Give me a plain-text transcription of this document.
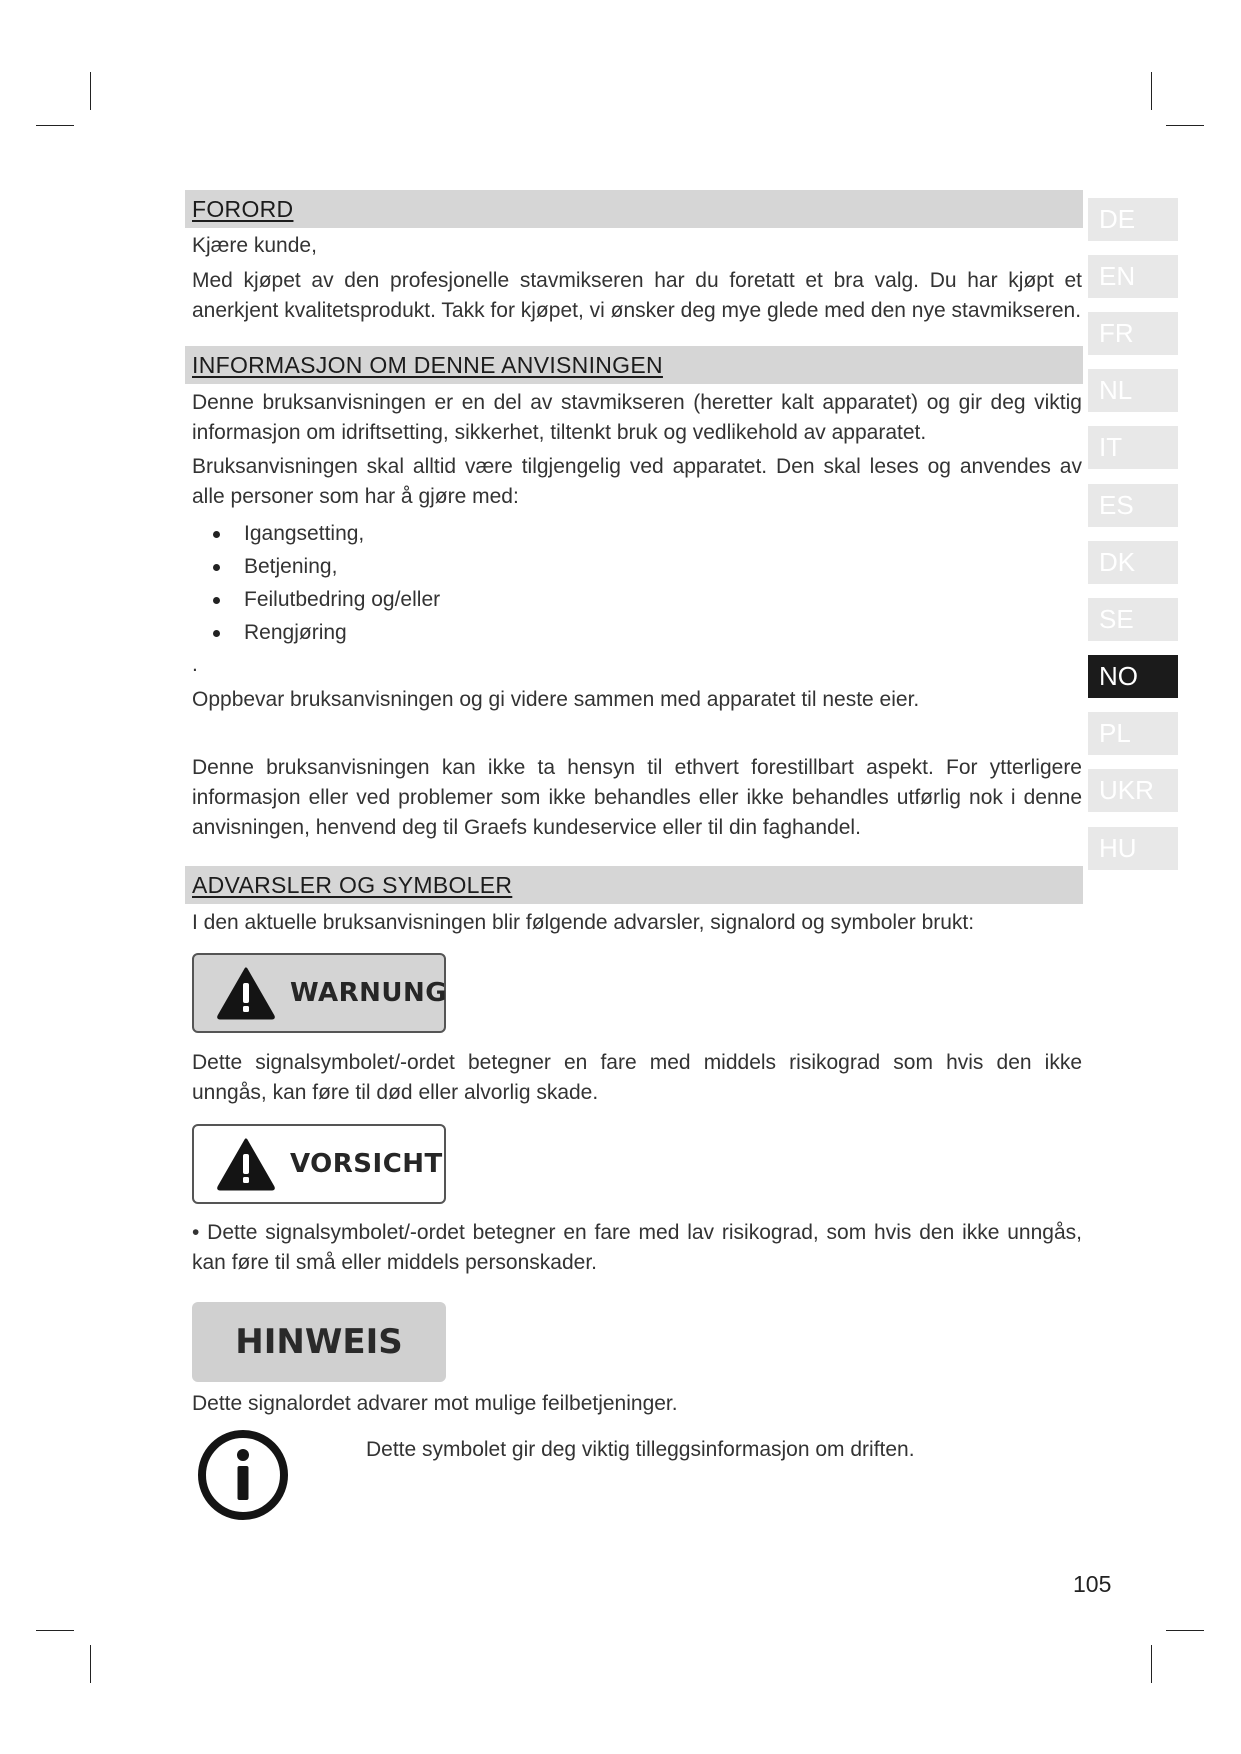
FORORD

Kjære kunde,

Med kjøpet av den profesjonelle stavmikseren har du foretatt et bra valg. Du har kjøpt et anerkjent kvalitetsprodukt. Takk for kjøpet, vi ønsker deg mye glede med den nye stavmikseren.

INFORMASJON OM DENNE ANVISNINGEN

Denne bruksanvisningen er en del av stavmikseren (heretter kalt apparatet) og gir deg viktig informasjon om idriftsetting, sikkerhet, tiltenkt bruk og vedlikehold av apparatet.

Bruksanvisningen skal alltid være tilgjengelig ved apparatet. Den skal leses og anvendes av alle personer som har å gjøre med:

Igangsetting,
Betjening,
Feilutbedring og/eller
Rengjøring

.

Oppbevar bruksanvisningen og gi videre sammen med apparatet til neste eier.

Denne bruksanvisningen kan ikke ta hensyn til ethvert forestillbart aspekt. For ytterligere informasjon eller ved problemer som ikke behandles eller ikke behandles utførlig nok i denne anvisningen, henvend deg til Graefs kundeservice eller til din faghandel.

ADVARSLER OG SYMBOLER

I den aktuelle bruksanvisningen blir følgende advarsler, signalord og symboler brukt:

WARNUNG

Dette signalsymbolet/-ordet betegner en fare med middels risikograd som hvis den ikke unngås, kan føre til død eller alvorlig skade.

VORSICHT

• Dette signalsymbolet/-ordet betegner en fare med lav risikograd, som hvis den ikke unngås, kan føre til små eller middels personskader.

HINWEIS

Dette signalordet advarer mot mulige feilbetjeninger.

Dette symbolet gir deg viktig tilleggsinformasjon om driften.

DE
EN
FR
NL
IT
ES
DK
SE
NO
PL
UKR
HU
105
